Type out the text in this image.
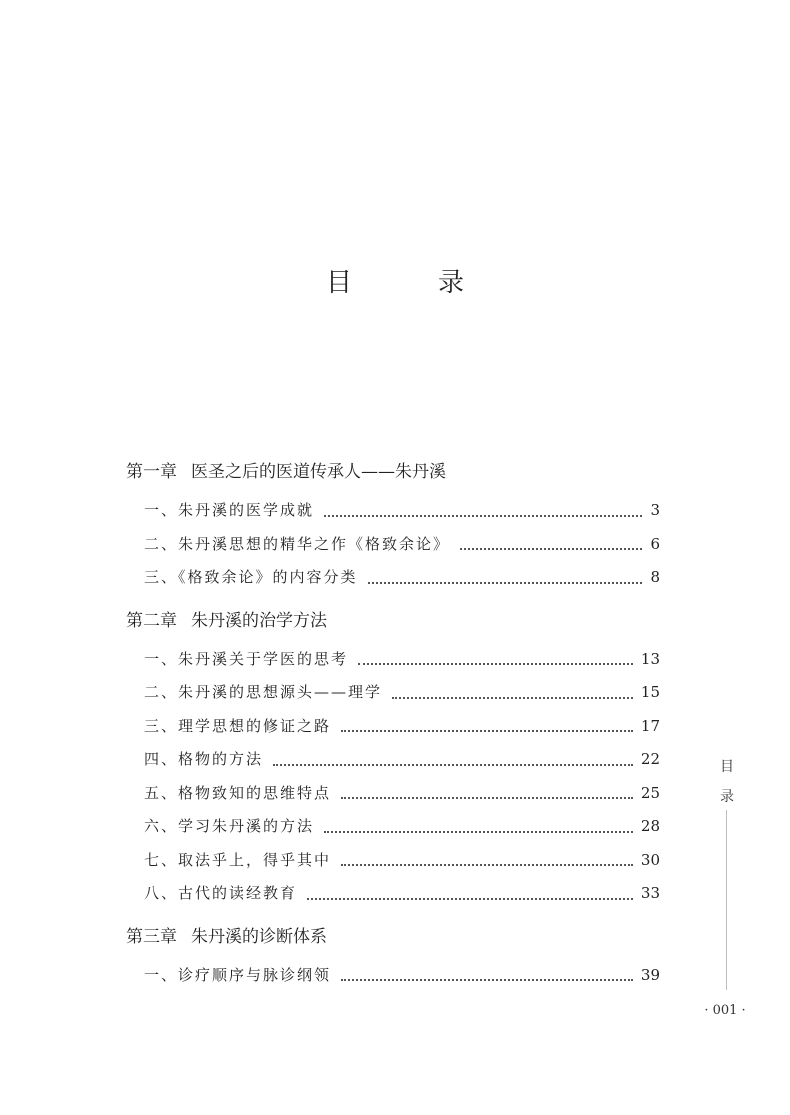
目　录
第一章 医圣之后的医道传承人——朱丹溪
一、朱丹溪的医学成就	3
二、朱丹溪思想的精华之作《格致余论》	6
三、《格致余论》的内容分类	8
第二章 朱丹溪的治学方法
一、朱丹溪关于学医的思考	13
二、朱丹溪的思想源头——理学	15
三、理学思想的修证之路	17
四、格物的方法	22
五、格物致知的思维特点	25
六、学习朱丹溪的方法	28
七、取法乎上，得乎其中	30
八、古代的读经教育	33
第三章 朱丹溪的诊断体系
一、诊疗顺序与脉诊纲领	39
目
录
· 001 ·
